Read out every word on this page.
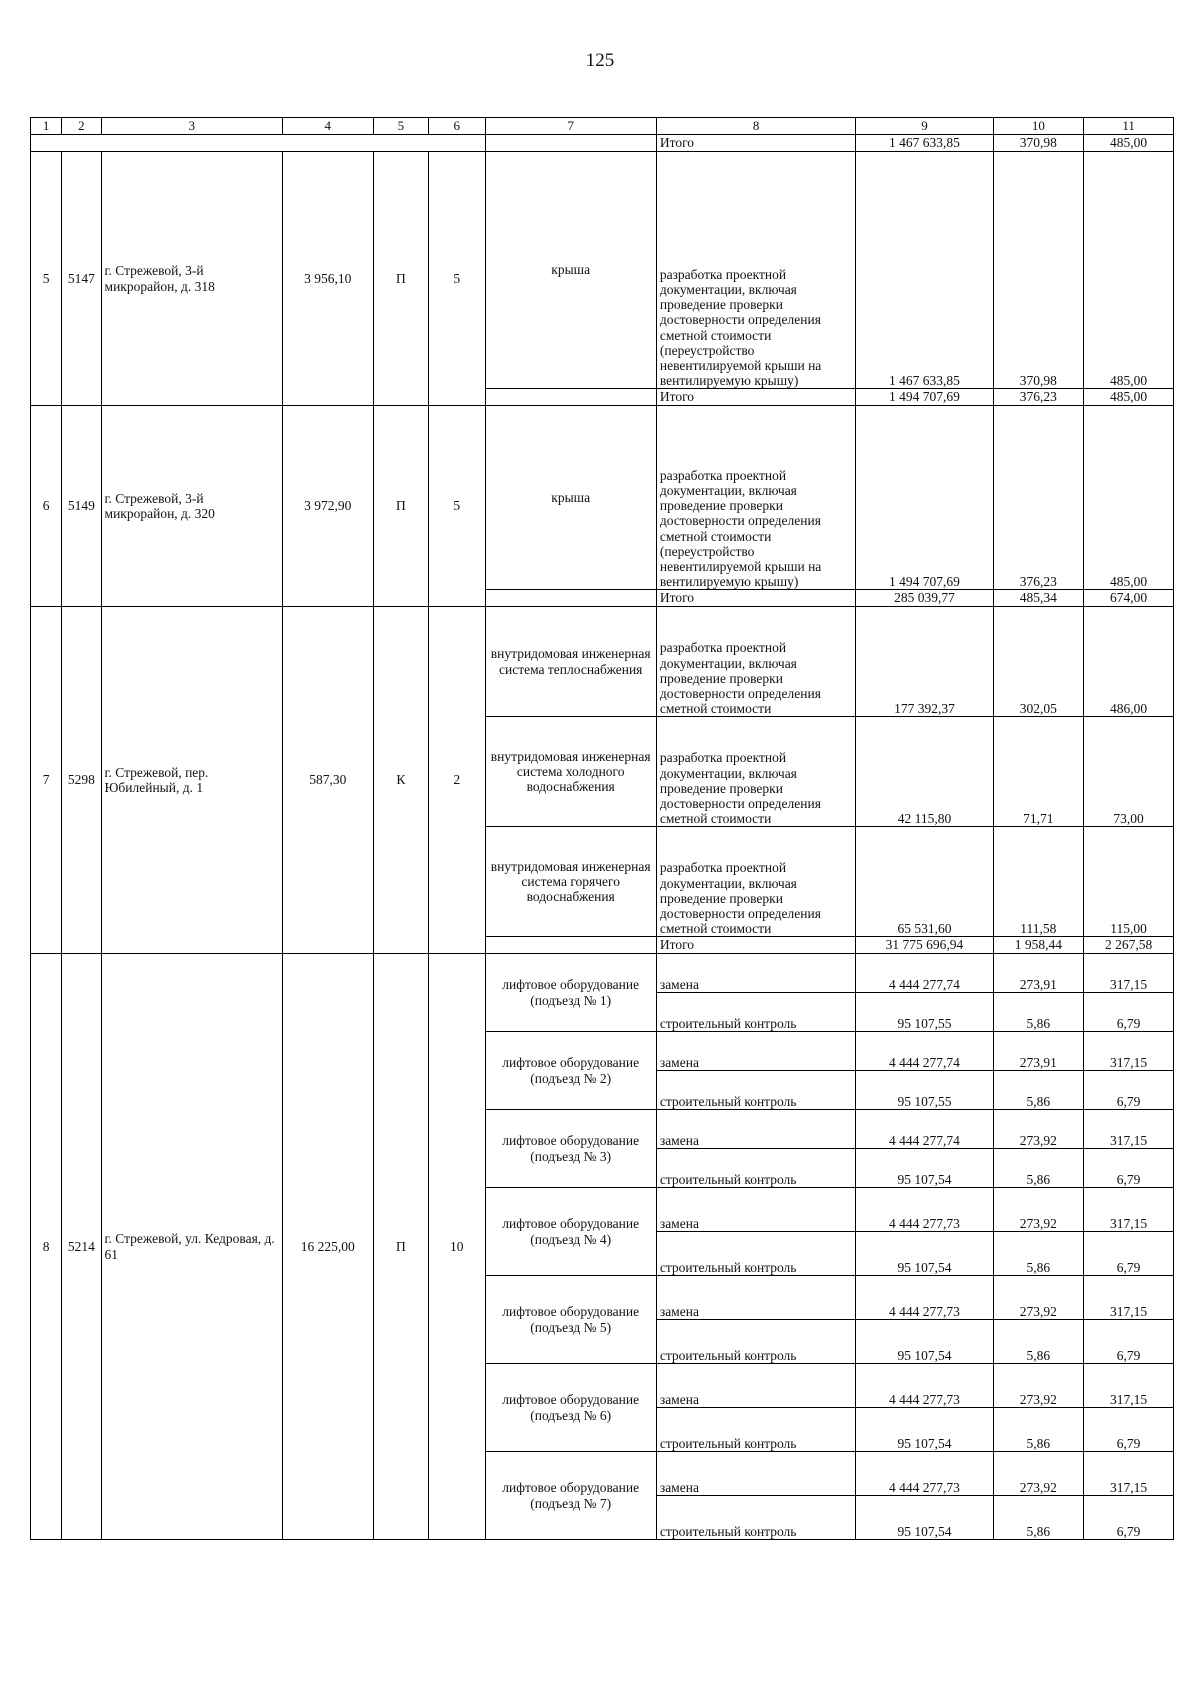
125
1	2	3	4	5	6	7	8	9	10	11
							Итого	1 467 633,85	370,98	485,00
5	5147	г. Стрежевой, 3-й микрорайон, д. 318	3 956,10	П	5	крыша	разработка проектной документации, включая проведение проверки достоверности определения сметной стоимости (переустройство невентилируемой крыши на вентилируемую крышу)	1 467 633,85	370,98	485,00
							Итого	1 494 707,69	376,23	485,00
6	5149	г. Стрежевой, 3-й микрорайон, д. 320	3 972,90	П	5	крыша	разработка проектной документации, включая проведение проверки достоверности определения сметной стоимости (переустройство невентилируемой крыши на вентилируемую крышу)	1 494 707,69	376,23	485,00
							Итого	285 039,77	485,34	674,00
7	5298	г. Стрежевой, пер. Юбилейный, д. 1	587,30	К	2	внутридомовая инженерная система теплоснабжения	разработка проектной документации, включая проведение проверки достоверности определения сметной стоимости	177 392,37	302,05	486,00
						внутридомовая инженерная система холодного водоснабжения	разработка проектной документации, включая проведение проверки достоверности определения сметной стоимости	42 115,80	71,71	73,00
						внутридомовая инженерная система горячего водоснабжения	разработка проектной документации, включая проведение проверки достоверности определения сметной стоимости	65 531,60	111,58	115,00
							Итого	31 775 696,94	1 958,44	2 267,58
8	5214	г. Стрежевой, ул. Кедровая, д. 61	16 225,00	П	10	лифтовое оборудование (подъезд № 1)	замена	4 444 277,74	273,91	317,15
							строительный контроль	95 107,55	5,86	6,79
						лифтовое оборудование (подъезд № 2)	замена	4 444 277,74	273,91	317,15
							строительный контроль	95 107,55	5,86	6,79
						лифтовое оборудование (подъезд № 3)	замена	4 444 277,74	273,92	317,15
							строительный контроль	95 107,54	5,86	6,79
						лифтовое оборудование (подъезд № 4)	замена	4 444 277,73	273,92	317,15
							строительный контроль	95 107,54	5,86	6,79
						лифтовое оборудование (подъезд № 5)	замена	4 444 277,73	273,92	317,15
							строительный контроль	95 107,54	5,86	6,79
						лифтовое оборудование (подъезд № 6)	замена	4 444 277,73	273,92	317,15
							строительный контроль	95 107,54	5,86	6,79
						лифтовое оборудование (подъезд № 7)	замена	4 444 277,73	273,92	317,15
							строительный контроль	95 107,54	5,86	6,79
